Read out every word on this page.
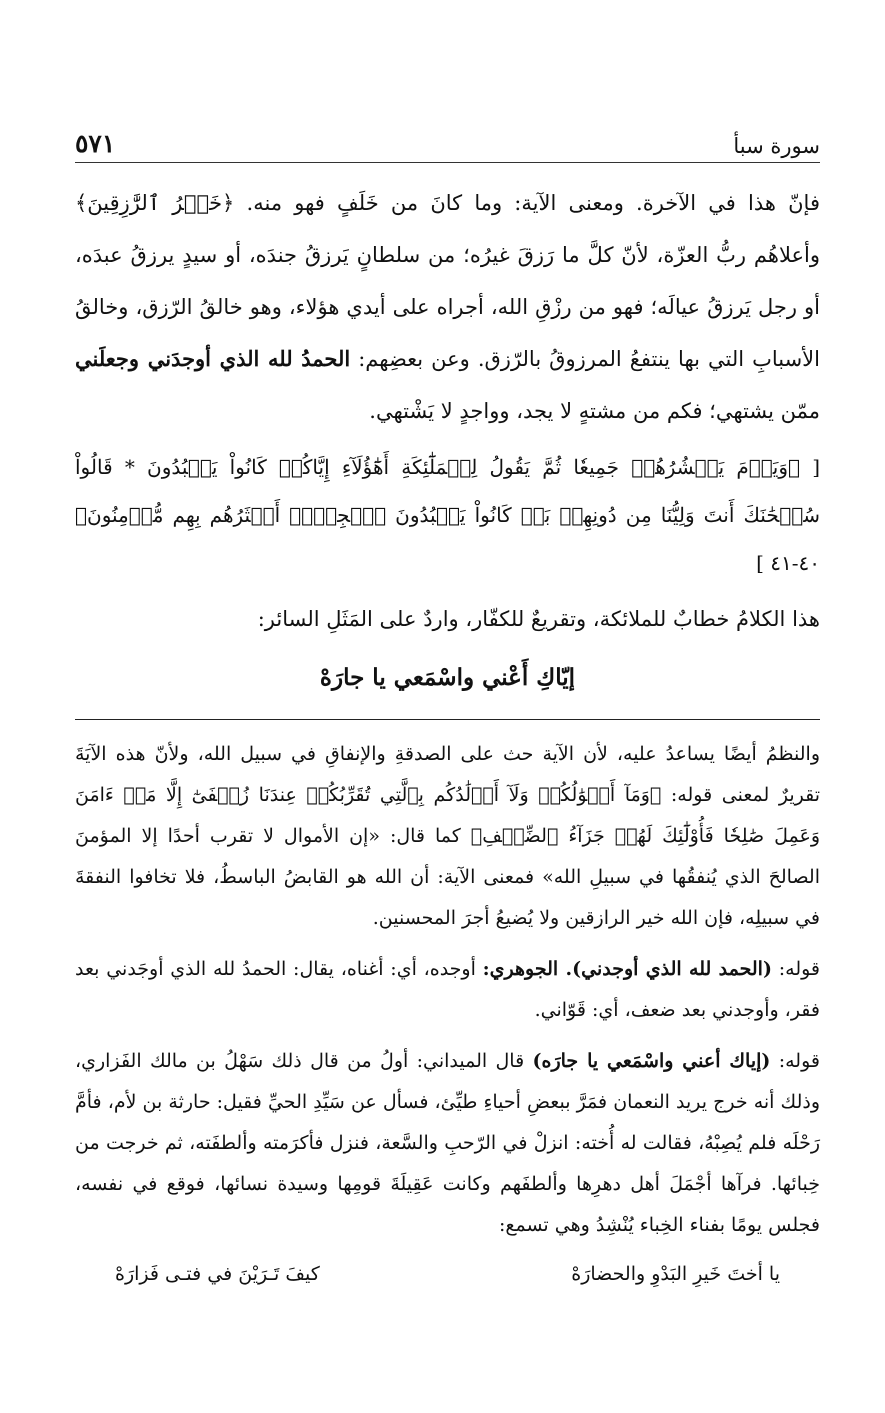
سورة سبأ
٥٧١

فإنّ هذا في الآخرة. ومعنى الآية: وما كانَ من خَلَفٍ فهو منه. ﴿خَيۡرُ ٱلرَّٰزِقِينَ﴾ وأعلاهُم ربُّ العزّة، لأنّ كلَّ ما رَزقَ غيرُه؛ من سلطانٍ يَرزقُ جندَه، أو سيدٍ يرزقُ عبدَه، أو رجل يَرزقُ عيالَه؛ فهو من رزْقِ الله، أجراه على أيدي هؤلاء، وهو خالقُ الرّزق، وخالقُ الأسبابِ التي بها ينتفعُ المرزوقُ بالرّزق. وعن بعضِهم: الحمدُ لله الذي أوجدَني وجعلَني ممّن يشتهي؛ فكم من مشتهٍ لا يجد، وواجدٍ لا يَشْتهي.

[ ﴿وَيَوۡمَ يَحۡشُرُهُمۡ جَمِيعٗا ثُمَّ يَقُولُ لِلۡمَلَٰٓئِكَةِ أَهَٰٓؤُلَآءِ إِيَّاكُمۡ كَانُواْ يَعۡبُدُونَ * قَالُواْ سُبۡحَٰنَكَ أَنتَ وَلِيُّنَا مِن دُونِهِمۖ بَلۡ كَانُواْ يَعۡبُدُونَ ٱلۡجِنَّۖ أَكۡثَرُهُم بِهِم مُّؤۡمِنُونَ﴾ ٤٠-٤١ ]

هذا الكلامُ خطابٌ للملائكة، وتقريعٌ للكفّار، واردٌ على المَثَلِ السائر:

إيّاكِ أَعْني واسْمَعي يا جارَهْ

والنظمُ أيضًا يساعدُ عليه، لأن الآية حث على الصدقةِ والإنفاقِ في سبيل الله، ولأنّ هذه الآيَةَ تقريرٌ لمعنى قوله: ﴿وَمَآ أَمۡوَٰلُكُمۡ وَلَآ أَوۡلَٰدُكُم بِٱلَّتِي تُقَرِّبُكُمۡ عِندَنَا زُلۡفَىٰٓ إِلَّا مَنۡ ءَامَنَ وَعَمِلَ صَٰلِحٗا فَأُوْلَٰٓئِكَ لَهُمۡ جَزَآءُ ٱلضِّعۡفِ﴾ كما قال: «إن الأموال لا تقرب أحدًا إلا المؤمنَ الصالحَ الذي يُنفقُها في سبيلِ الله» فمعنى الآية: أن الله هو القابضُ الباسطُ، فلا تخافوا النفقةَ في سبيلِه، فإن الله خير الرازقين ولا يُضيعُ أجرَ المحسنين.

قوله: (الحمد لله الذي أوجدني). الجوهري: أوجده، أي: أغناه، يقال: الحمدُ لله الذي أوجَدني بعد فقر، وأوجدني بعد ضعف، أي: قَوّاني.

قوله: (إياك أعني واسْمَعي يا جارَه) قال الميداني: أولُ من قال ذلك سَهْلُ بن مالك الفَزاري، وذلك أنه خرج يريد النعمان فمَرَّ ببعضِ أحياءِ طيِّئ، فسأل عن سَيِّدِ الحيِّ فقيل: حارثة بن لأم، فأمَّ رَحْلَه فلم يُصِبْهُ، فقالت له أُخته: انزلْ في الرّحبِ والسَّعة، فنزل فأكرَمته وألطفَته، ثم خرجت من خِبائها. فرآها أجْمَلَ أهل دهرِها وألطفَهم وكانت عَقِيلَةَ قومِها وسيدة نسائها، فوقع في نفسه، فجلس يومًا بفناء الخِباء يُنْشِدُ وهي تسمع:

يا أختَ خَيرِ البَدْوِ والحضارَهْ
كيفَ تَـرَيْنَ في فتـى فَزارَهْ
